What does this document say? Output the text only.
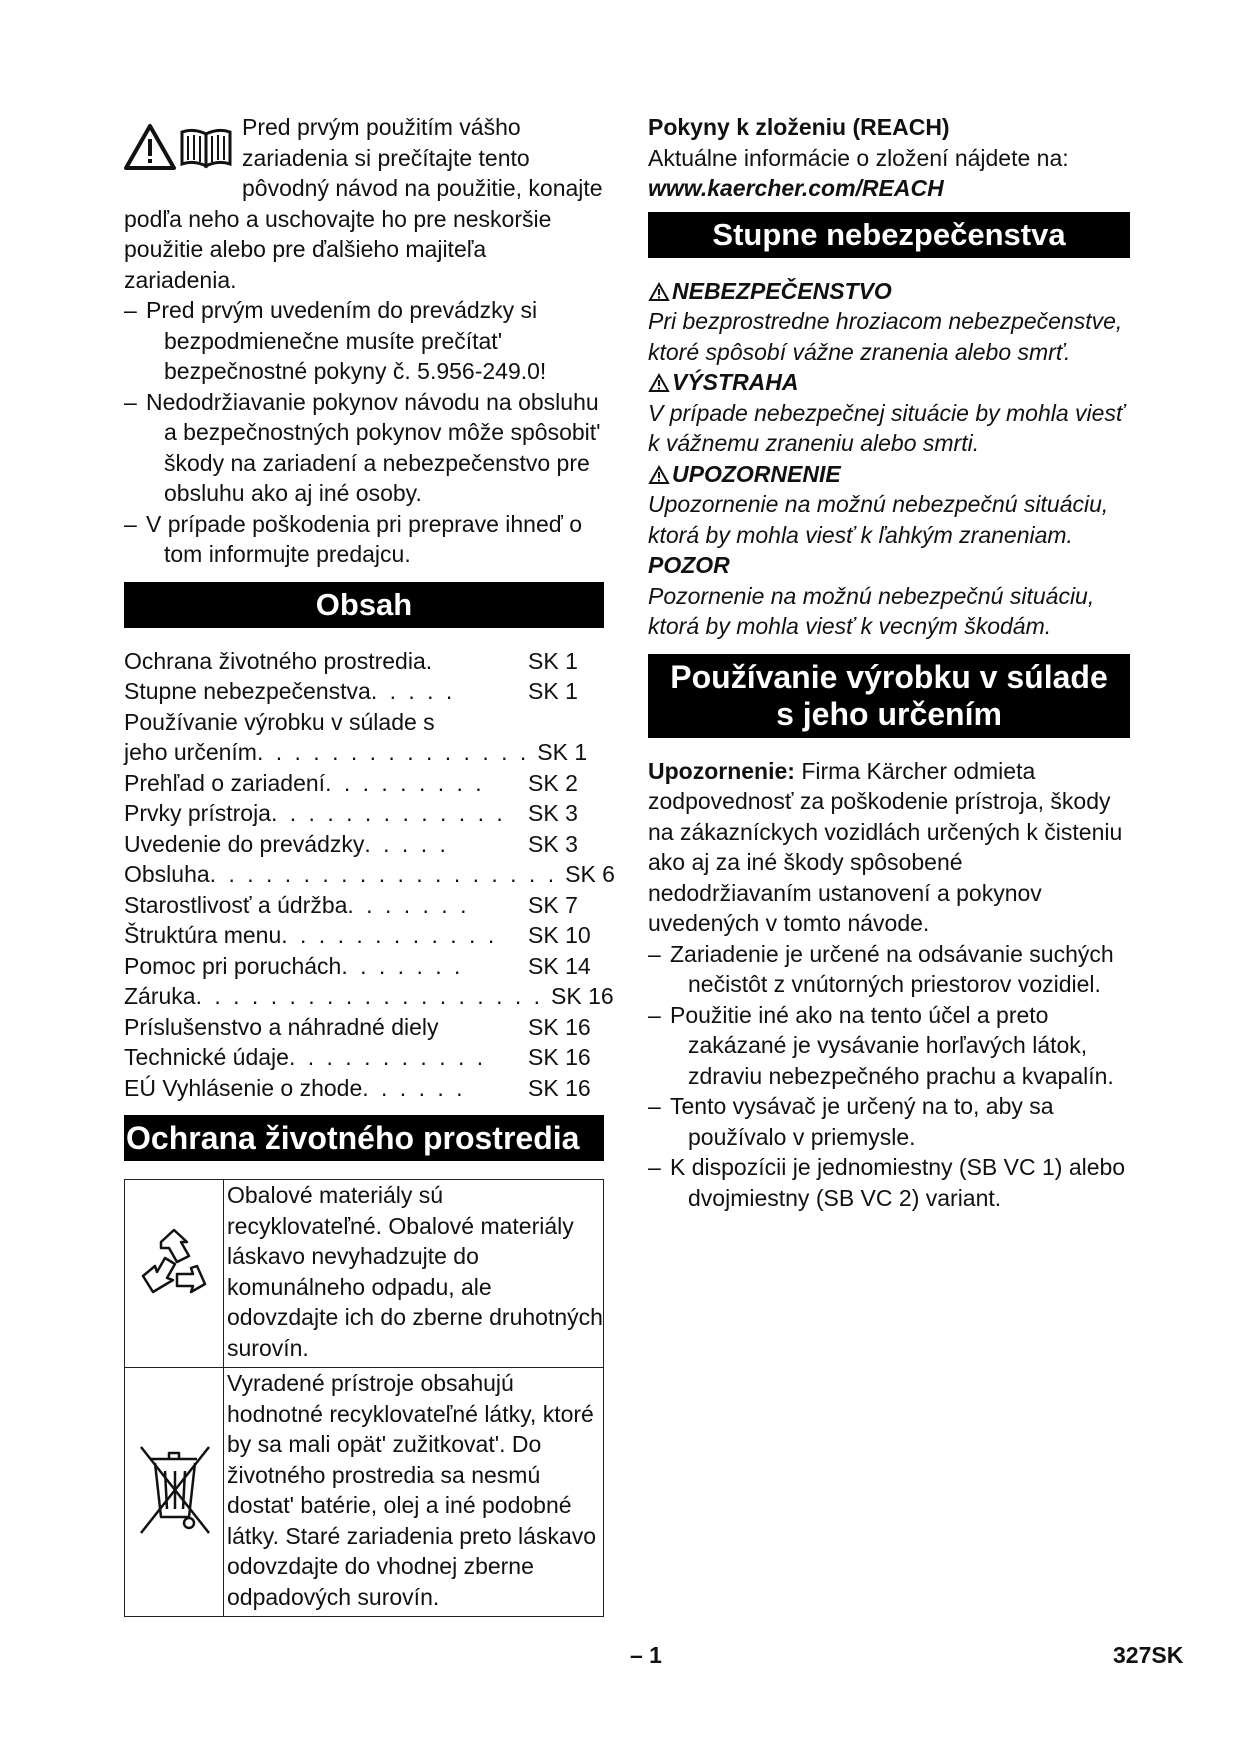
Pred prvým použitím vášho zariadenia si prečítajte tento pôvodný návod na použitie, konajte podľa neho a uschovajte ho pre neskoršie použitie alebo pre ďalšieho majiteľa zariadenia.

– Pred prvým uvedením do prevádzky si bezpodmienečne musíte prečítat' bezpečnostné pokyny č. 5.956-249.0!
– Nedodržiavanie pokynov návodu na obsluhu a bezpečnostných pokynov môže spôsobit' škody na zariadení a nebezpečenstvo pre obsluhu ako aj iné osoby.
– V prípade poškodenia pri preprave ihneď o tom informujte predajcu.
Obsah
Ochrana životného prostredia.	SK 1
Stupne nebezpečenstva . . . . .	SK 1
Používanie výrobku v súlade s
jeho určením . . . . . . . . . . . . . . . SK 1
Prehľad o zariadení . . . . . . . . .	SK 2
Prvky prístroja . . . . . . . . . . . . . SK 3
Uvedenie do prevádzky . . . . .	SK 3
Obsluha . . . . . . . . . . . . . . . . . . . SK 6
Starostlivosť a údržba . . . . . . .	SK 7
Štruktúra menu . . . . . . . . . . . .	SK 10
Pomoc pri poruchách . . . . . . .	SK 14
Záruka . . . . . . . . . . . . . . . . . . . SK 16
Príslušenstvo a náhradné diely	SK 16
Technické údaje . . . . . . . . . . .	SK 16
EÚ Vyhlásenie o zhode . . . . . .	SK 16
Ochrana životného prostredia
	Obalové materiály sú recyklovateľné. Obalové materiály láskavo nevyhadzujte do komunálneho odpadu, ale odovzdajte ich do zberne druhotných surovín.
	Vyradené prístroje obsahujú hodnotné recyklovateľné látky, ktoré by sa mali opät' zužitkovat'. Do životného prostredia sa nesmú dostat' batérie, olej a iné podobné látky. Staré zariadenia preto láskavo odovzdajte do vhodnej zberne odpadových surovín.

Pokyny k zloženiu (REACH)

Aktuálne informácie o zložení nájdete na:

www.kaercher.com/REACH

Stupne nebezpečenstva

NEBEZPEČENSTVO

Pri bezprostredne hroziacom nebezpečenstve, ktoré spôsobí vážne zranenia alebo smrť.

VÝSTRAHA

V prípade nebezpečnej situácie by mohla viesť k vážnemu zraneniu alebo smrti.

UPOZORNENIE

Upozornenie na možnú nebezpečnú situáciu, ktorá by mohla viesť k ľahkým zraneniam.

POZOR

Pozornenie na možnú nebezpečnú situáciu, ktorá by mohla viesť k vecným škodám.

Používanie výrobku v súlade
s jeho určením

Upozornenie: Firma Kärcher odmieta zodpovednosť za poškodenie prístroja, škody na zákazníckych vozidlách určených k čisteniu ako aj za iné škody spôsobené nedodržiavaním ustanovení a pokynov uvedených v tomto návode.

– Zariadenie je určené na odsávanie suchých nečistôt z vnútorných priestorov vozidiel.
– Použitie iné ako na tento účel a preto zakázané je vysávanie horľavých látok, zdraviu nebezpečného prachu a kvapalín.
– Tento vysávač je určený na to, aby sa používalo v priemysle.
– K dispozícii je jednomiestny (SB VC 1) alebo dvojmiestny (SB VC 2) variant.
– 1	327SK
